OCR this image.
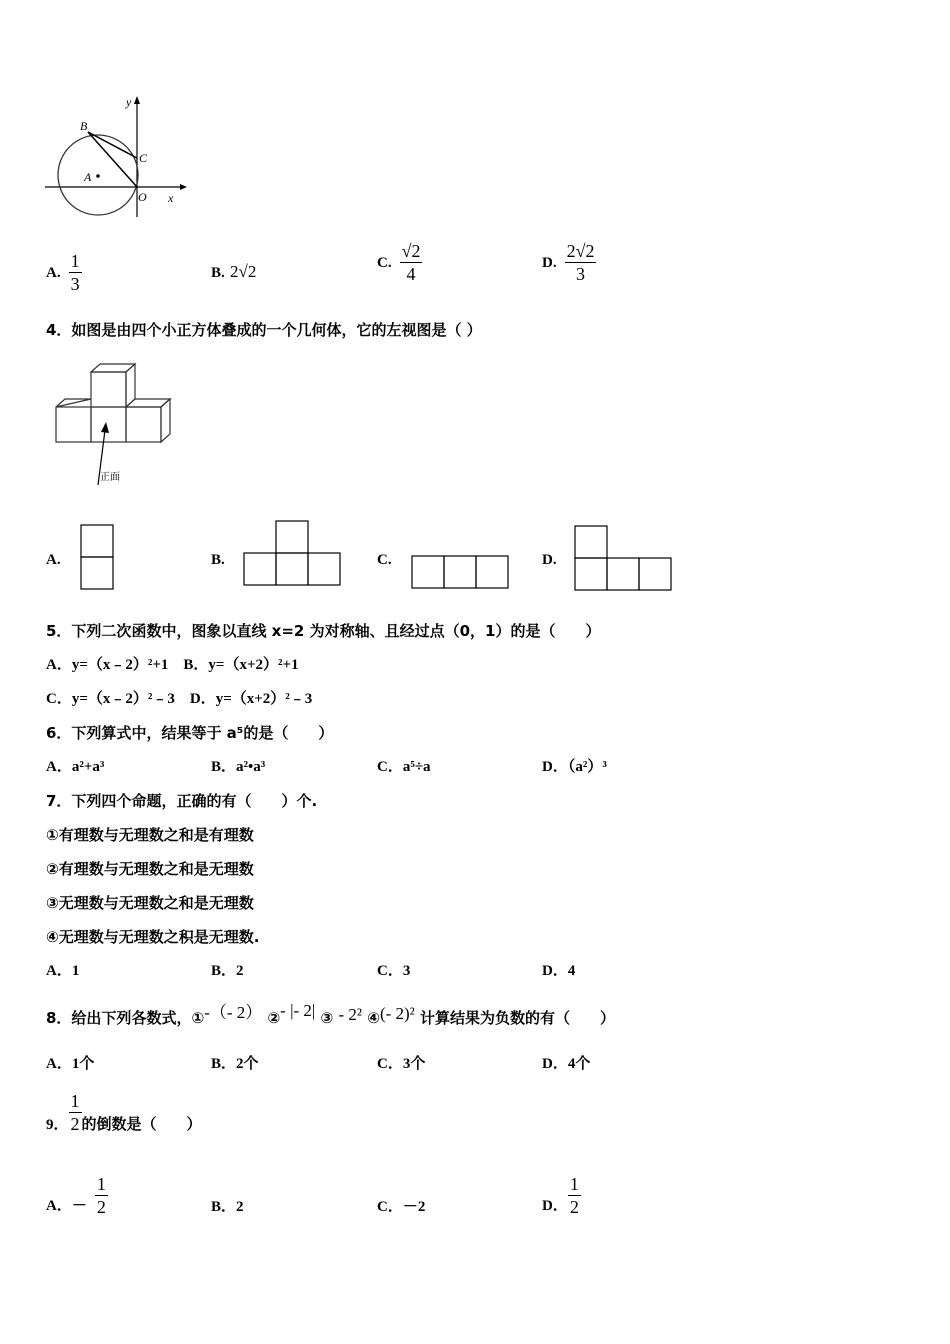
y
B
C
A
O x
A. $\frac{1}{3}$	B. 2√2	C. $\frac{√2}{4}$	D. $\frac{2√2}{3}$
4．如图是由四个小正方体叠成的一个几何体，它的左视图是（ ）
正面
A.	B.	C.	D.
5．下列二次函数中，图象以直线 x=2 为对称轴、且经过点（0，1）的是（　　）
A．y=（x﹣2）²+1　B．y=（x+2）²+1
C．y=（x﹣2）²﹣3　D．y=（x+2）²﹣3
6．下列算式中，结果等于 a⁵的是（　　）
A．a²+a³	B．a²•a³	C．a⁵÷a	D．（a²）³
7．下列四个命题，正确的有（　　）个.
①有理数与无理数之和是有理数
②有理数与无理数之和是无理数
③无理数与无理数之和是无理数
④无理数与无理数之积是无理数.
A．1	B．2	C．3	D．4
8．给出下列各数式，①-（- 2） ②- |- 2| ③ - 2² ④(- 2)² 计算结果为负数的有（　　）
A．1个	B．2个	C．3个	D．4个
9． $\frac{1}{2}$ 的倒数是（　　）
A．－ $\frac{1}{2}$	B．2	C．－2	D． $\frac{1}{2}$
